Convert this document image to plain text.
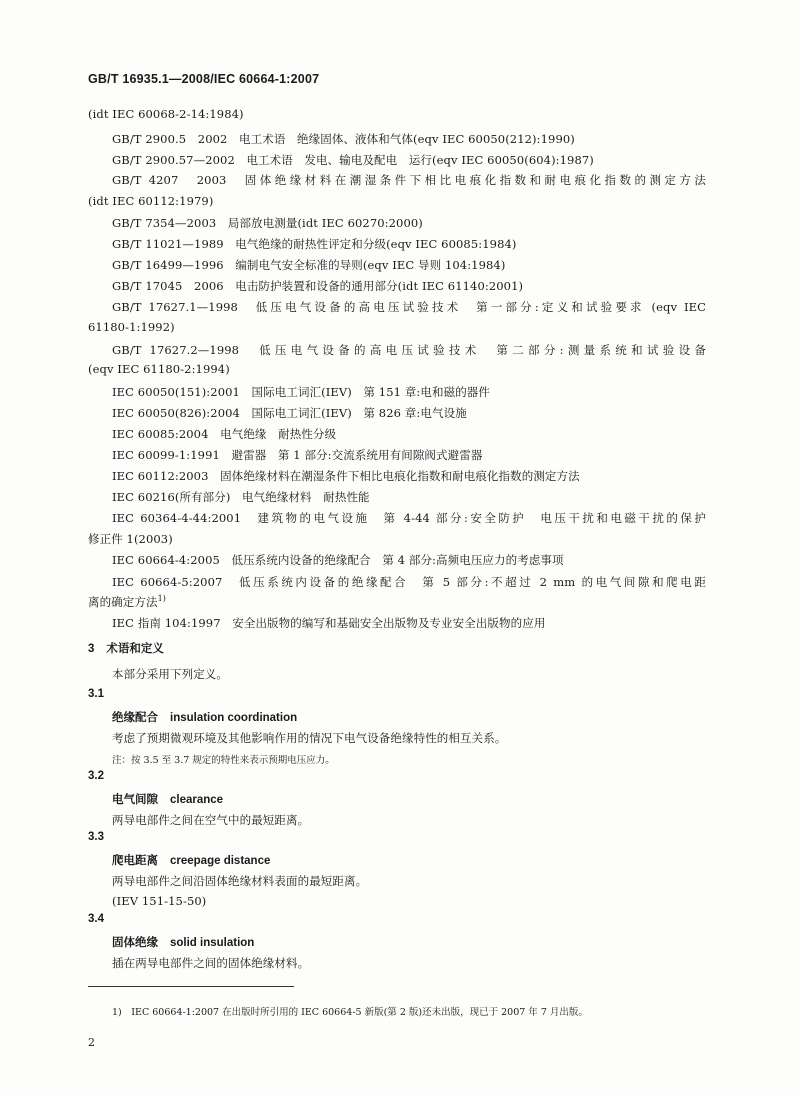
GB/T 16935.1—2008/IEC 60664-1:2007
(idt IEC 60068-2-14:1984)
GB/T 2900.5　2002　电工术语　绝缘固体、液体和气体(eqv IEC 60050(212):1990)
GB/T 2900.57—2002　电工术语　发电、输电及配电　运行(eqv IEC 60050(604):1987)
GB/T 4207　2003　固体绝缘材料在潮湿条件下相比电痕化指数和耐电痕化指数的测定方法
(idt IEC 60112:1979)
GB/T 7354—2003　局部放电测量(idt IEC 60270:2000)
GB/T 11021—1989　电气绝缘的耐热性评定和分级(eqv IEC 60085:1984)
GB/T 16499—1996　编制电气安全标准的导则(eqv IEC 导则 104:1984)
GB/T 17045　2006　电击防护装置和设备的通用部分(idt IEC 61140:2001)
GB/T 17627.1—1998　低压电气设备的高电压试验技术　第一部分:定义和试验要求 (eqv IEC
61180-1:1992)
GB/T 17627.2—1998　低压电气设备的高电压试验技术　第二部分:测量系统和试验设备
(eqv IEC 61180-2:1994)
IEC 60050(151):2001　国际电工词汇(IEV)　第 151 章:电和磁的器件
IEC 60050(826):2004　国际电工词汇(IEV)　第 826 章:电气设施
IEC 60085:2004　电气绝缘　耐热性分级
IEC 60099-1:1991　避雷器　第 1 部分:交流系统用有间隙阀式避雷器
IEC 60112:2003　固体绝缘材料在潮湿条件下相比电痕化指数和耐电痕化指数的测定方法
IEC 60216(所有部分)　电气绝缘材料　耐热性能
IEC 60364-4-44:2001　建筑物的电气设施　第 4-44 部分:安全防护　电压干扰和电磁干扰的保护
修正件 1(2003)
IEC 60664-4:2005　低压系统内设备的绝缘配合　第 4 部分:高频电压应力的考虑事项
IEC 60664-5:2007　低压系统内设备的绝缘配合　第 5 部分:不超过 2 mm 的电气间隙和爬电距
离的确定方法$^{1)}$
IEC 指南 104:1997　安全出版物的编写和基础安全出版物及专业安全出版物的应用
3 术语和定义
本部分采用下列定义。
3.1
绝缘配合 insulation coordination
考虑了预期微观环境及其他影响作用的情况下电气设备绝缘特性的相互关系。
注：按 3.5 至 3.7 规定的特性来表示预期电压应力。
3.2
电气间隙 clearance
两导电部件之间在空气中的最短距离。
3.3
爬电距离 creepage distance
两导电部件之间沿固体绝缘材料表面的最短距离。
(IEV 151-15-50)
3.4
固体绝缘 solid insulation
插在两导电部件之间的固体绝缘材料。
1)　IEC 60664-1:2007 在出版时所引用的 IEC 60664-5 新版(第 2 版)还未出版，现已于 2007 年 7 月出版。
2
